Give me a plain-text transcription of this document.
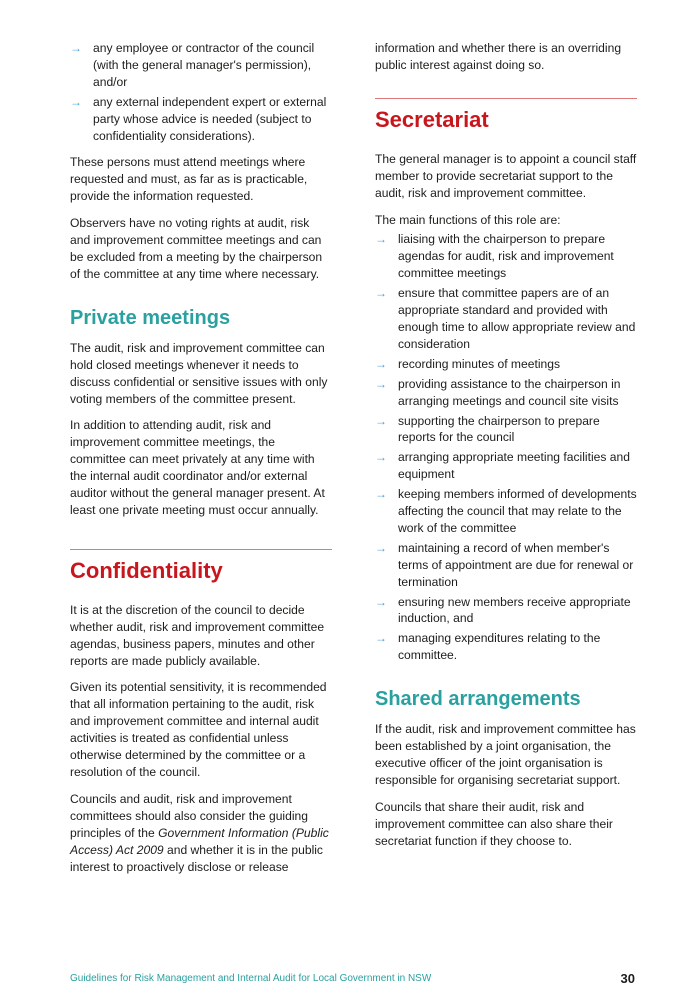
→ any employee or contractor of the council (with the general manager's permission), and/or
→ any external independent expert or external party whose advice is needed (subject to confidentiality considerations).

These persons must attend meetings where requested and must, as far as is practicable, provide the information requested.

Observers have no voting rights at audit, risk and improvement committee meetings and can be excluded from a meeting by the chairperson of the committee at any time where necessary.

Private meetings

The audit, risk and improvement committee can hold closed meetings whenever it needs to discuss confidential or sensitive issues with only voting members of the committee present.

In addition to attending audit, risk and improvement committee meetings, the committee can meet privately at any time with the internal audit coordinator and/or external auditor without the general manager present. At least one private meeting must occur annually.

Confidentiality

It is at the discretion of the council to decide whether audit, risk and improvement committee agendas, business papers, minutes and other reports are made publicly available.

Given its potential sensitivity, it is recommended that all information pertaining to the audit, risk and improvement committee and internal audit activities is treated as confidential unless otherwise determined by the committee or a resolution of the council.

Councils and audit, risk and improvement committees should also consider the guiding principles of the Government Information (Public Access) Act 2009 and whether it is in the public interest to proactively disclose or release

information and whether there is an overriding public interest against doing so.

Secretariat

The general manager is to appoint a council staff member to provide secretariat support to the audit, risk and improvement committee.

The main functions of this role are:

→ liaising with the chairperson to prepare agendas for audit, risk and improvement committee meetings
→ ensure that committee papers are of an appropriate standard and provided with enough time to allow appropriate review and consideration
→ recording minutes of meetings
→ providing assistance to the chairperson in arranging meetings and council site visits
→ supporting the chairperson to prepare reports for the council
→ arranging appropriate meeting facilities and equipment
→ keeping members informed of developments affecting the council that may relate to the work of the committee
→ maintaining a record of when member's terms of appointment are due for renewal or termination
→ ensuring new members receive appropriate induction, and
→ managing expenditures relating to the committee.
Shared arrangements

If the audit, risk and improvement committee has been established by a joint organisation, the executive officer of the joint organisation is responsible for organising secretariat support.

Councils that share their audit, risk and improvement committee can also share their secretariat function if they choose to.

Guidelines for Risk Management and Internal Audit for Local Government in NSW	30
